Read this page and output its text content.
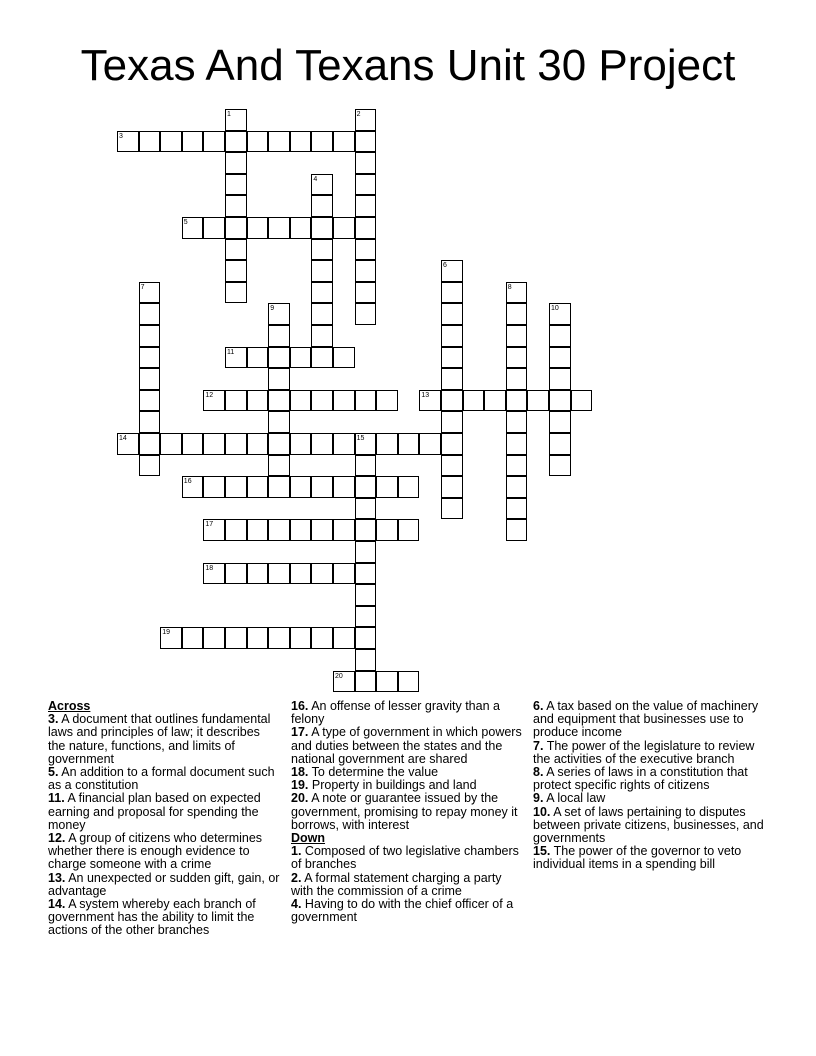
Texas And Texans Unit 30 Project
1	2
3
4
5
6
7	8
9	10
11
12	13
14	15
16
17
18
19
20
Across
3. A document that outlines fundamental laws and principles of law; it describes the nature, functions, and limits of government
5. An addition to a formal document such as a constitution
11. A financial plan based on expected earning and proposal for spending the money
12. A group of citizens who determines whether there is enough evidence to charge someone with a crime
13. An unexpected or sudden gift, gain, or advantage
14. A system whereby each branch of government has the ability to limit the actions of the other branches
16. An offense of lesser gravity than a felony
17. A type of government in which powers and duties between the states and the national government are shared
18. To determine the value
19. Property in buildings and land
20. A note or guarantee issued by the government, promising to repay money it borrows, with interest
Down
1. Composed of two legislative chambers of branches
2. A formal statement charging a party with the commission of a crime
4. Having to do with the chief officer of a government
6. A tax based on the value of machinery and equipment that businesses use to produce income
7. The power of the legislature to review the activities of the executive branch
8. A series of laws in a constitution that protect specific rights of citizens
9. A local law
10. A set of laws pertaining to disputes between private citizens, businesses, and governments
15. The power of the governor to veto individual items in a spending bill
